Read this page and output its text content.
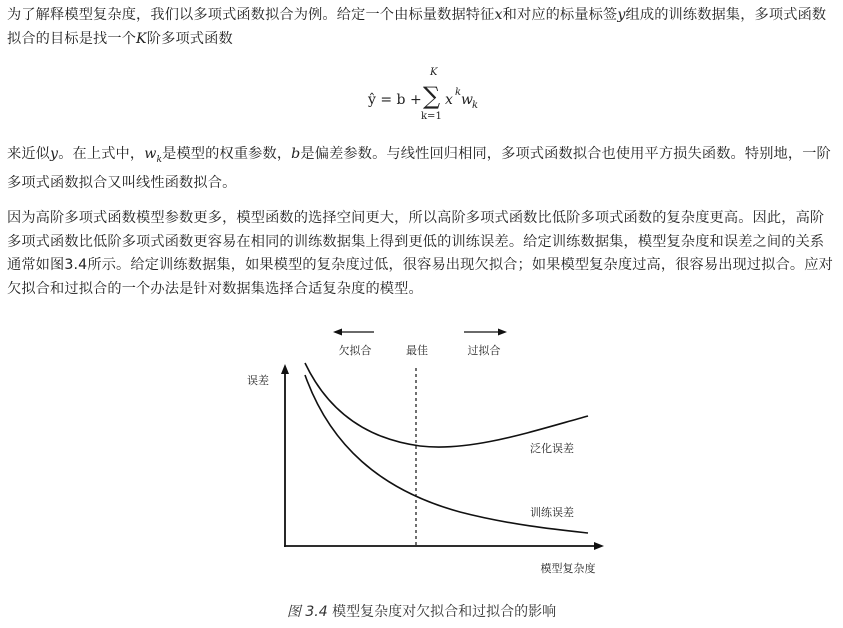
为了解释模型复杂度，我们以多项式函数拟合为例。给定一个由标量数据特征x和对应的标量标签y组成的训练数据集，多项式函数拟合的目标是找一个K阶多项式函数

ŷ = b +
K
∑
k=1
x k w k

来近似y。在上式中，$w_k$是模型的权重参数，b是偏差参数。与线性回归相同，多项式函数拟合也使用平方损失函数。特别地，一阶多项式函数拟合又叫线性函数拟合。

因为高阶多项式函数模型参数更多，模型函数的选择空间更大，所以高阶多项式函数比低阶多项式函数的复杂度更高。因此，高阶多项式函数比低阶多项式函数更容易在相同的训练数据集上得到更低的训练误差。给定训练数据集，模型复杂度和误差之间的关系通常如图3.4所示。给定训练数据集，如果模型的复杂度过低，很容易出现欠拟合；如果模型复杂度过高，很容易出现过拟合。应对欠拟合和过拟合的一个办法是针对数据集选择合适复杂度的模型。

欠拟合	最佳	过拟合
误差
模型复杂度
泛化误差
训练误差
图 3.4 模型复杂度对欠拟合和过拟合的影响
